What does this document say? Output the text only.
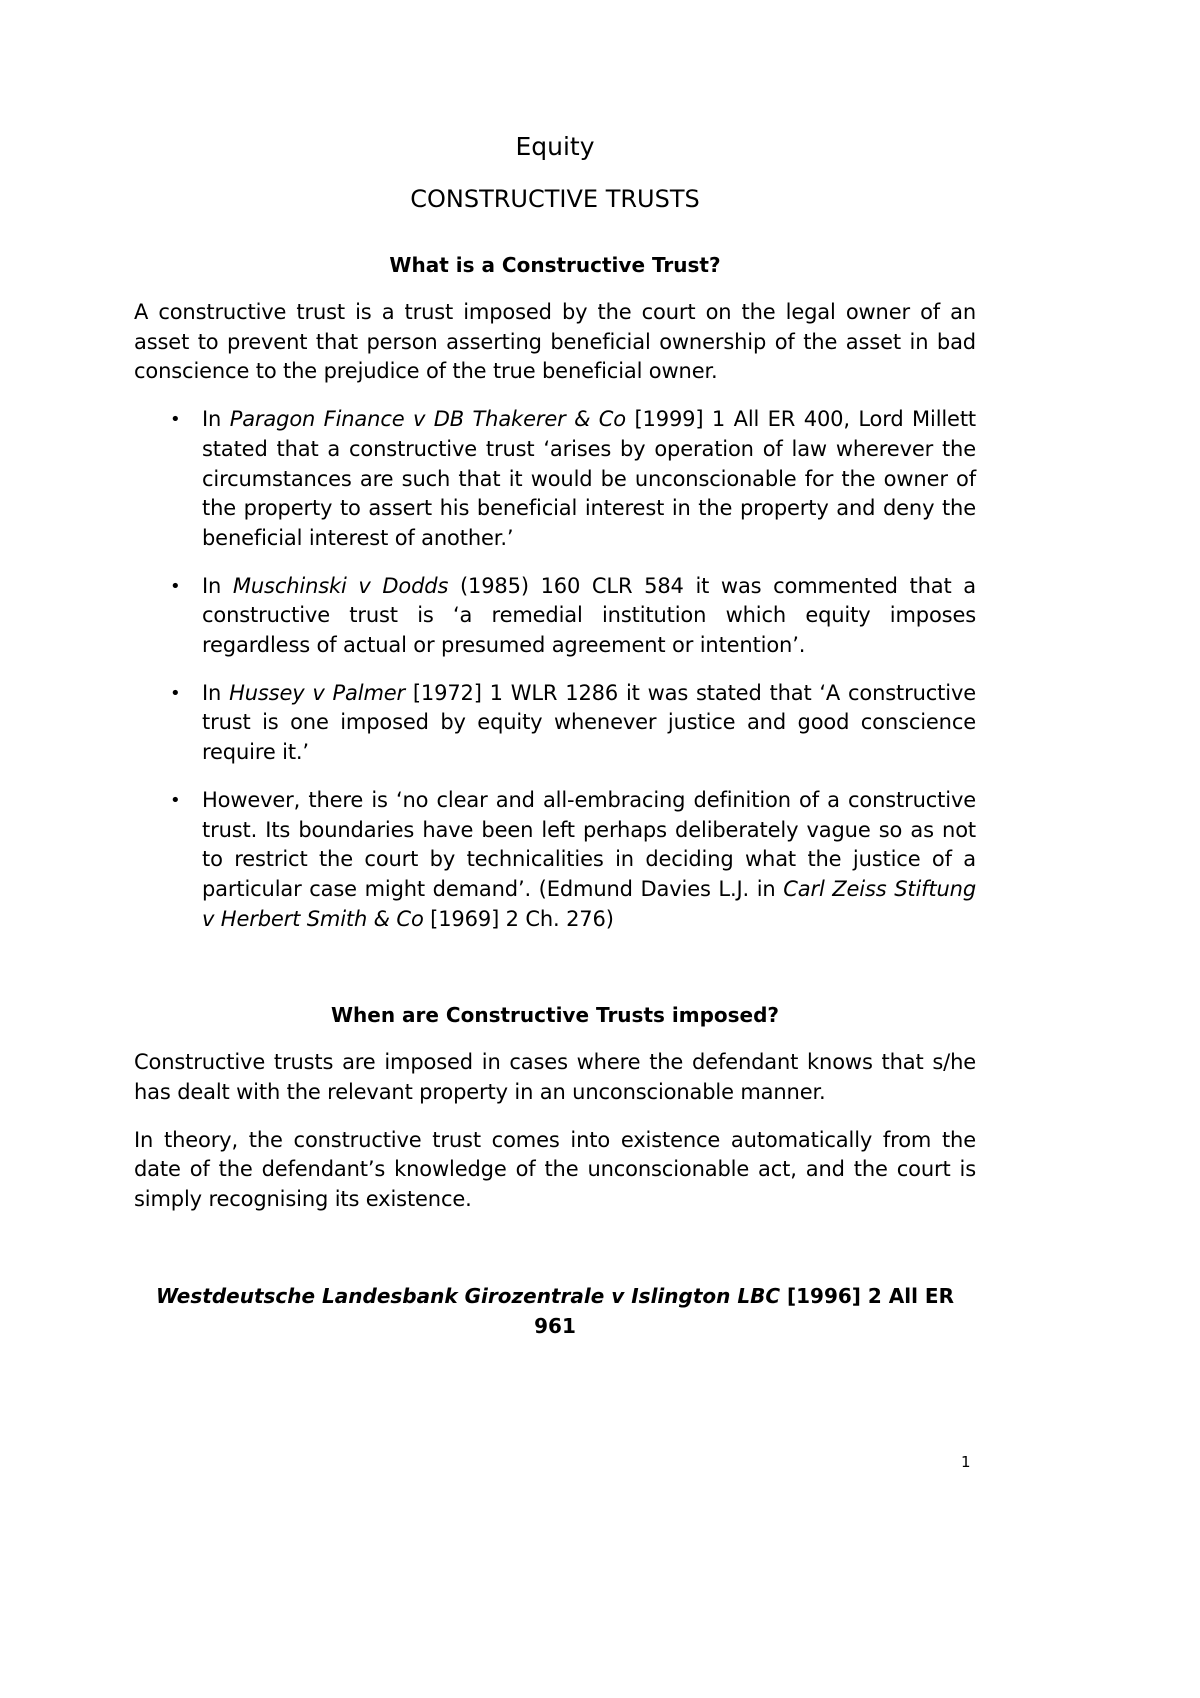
Equity

CONSTRUCTIVE TRUSTS

What is a Constructive Trust?

A constructive trust is a trust imposed by the court on the legal owner of an asset to prevent that person asserting beneficial ownership of the asset in bad conscience to the prejudice of the true beneficial owner.

• In Paragon Finance v DB Thakerer & Co [1999] 1 All ER 400, Lord Millett stated that a constructive trust ‘arises by operation of law wherever the circumstances are such that it would be unconscionable for the owner of the property to assert his beneficial interest in the property and deny the beneficial interest of another.’
• In Muschinski v Dodds (1985) 160 CLR 584 it was commented that a constructive trust is ‘a remedial institution which equity imposes regardless of actual or presumed agreement or intention’.
• In Hussey v Palmer [1972] 1 WLR 1286 it was stated that ‘A constructive trust is one imposed by equity whenever justice and good conscience require it.’
• However, there is ‘no clear and all-embracing definition of a constructive trust. Its boundaries have been left perhaps deliberately vague so as not to restrict the court by technicalities in deciding what the justice of a particular case might demand’. (Edmund Davies L.J. in Carl Zeiss Stiftung v Herbert Smith & Co [1969] 2 Ch. 276)

When are Constructive Trusts imposed?

Constructive trusts are imposed in cases where the defendant knows that s/he has dealt with the relevant property in an unconscionable manner.

In theory, the constructive trust comes into existence automatically from the date of the defendant’s knowledge of the unconscionable act, and the court is simply recognising its existence.

Westdeutsche Landesbank Girozentrale v Islington LBC [1996] 2 All ER 961

1
